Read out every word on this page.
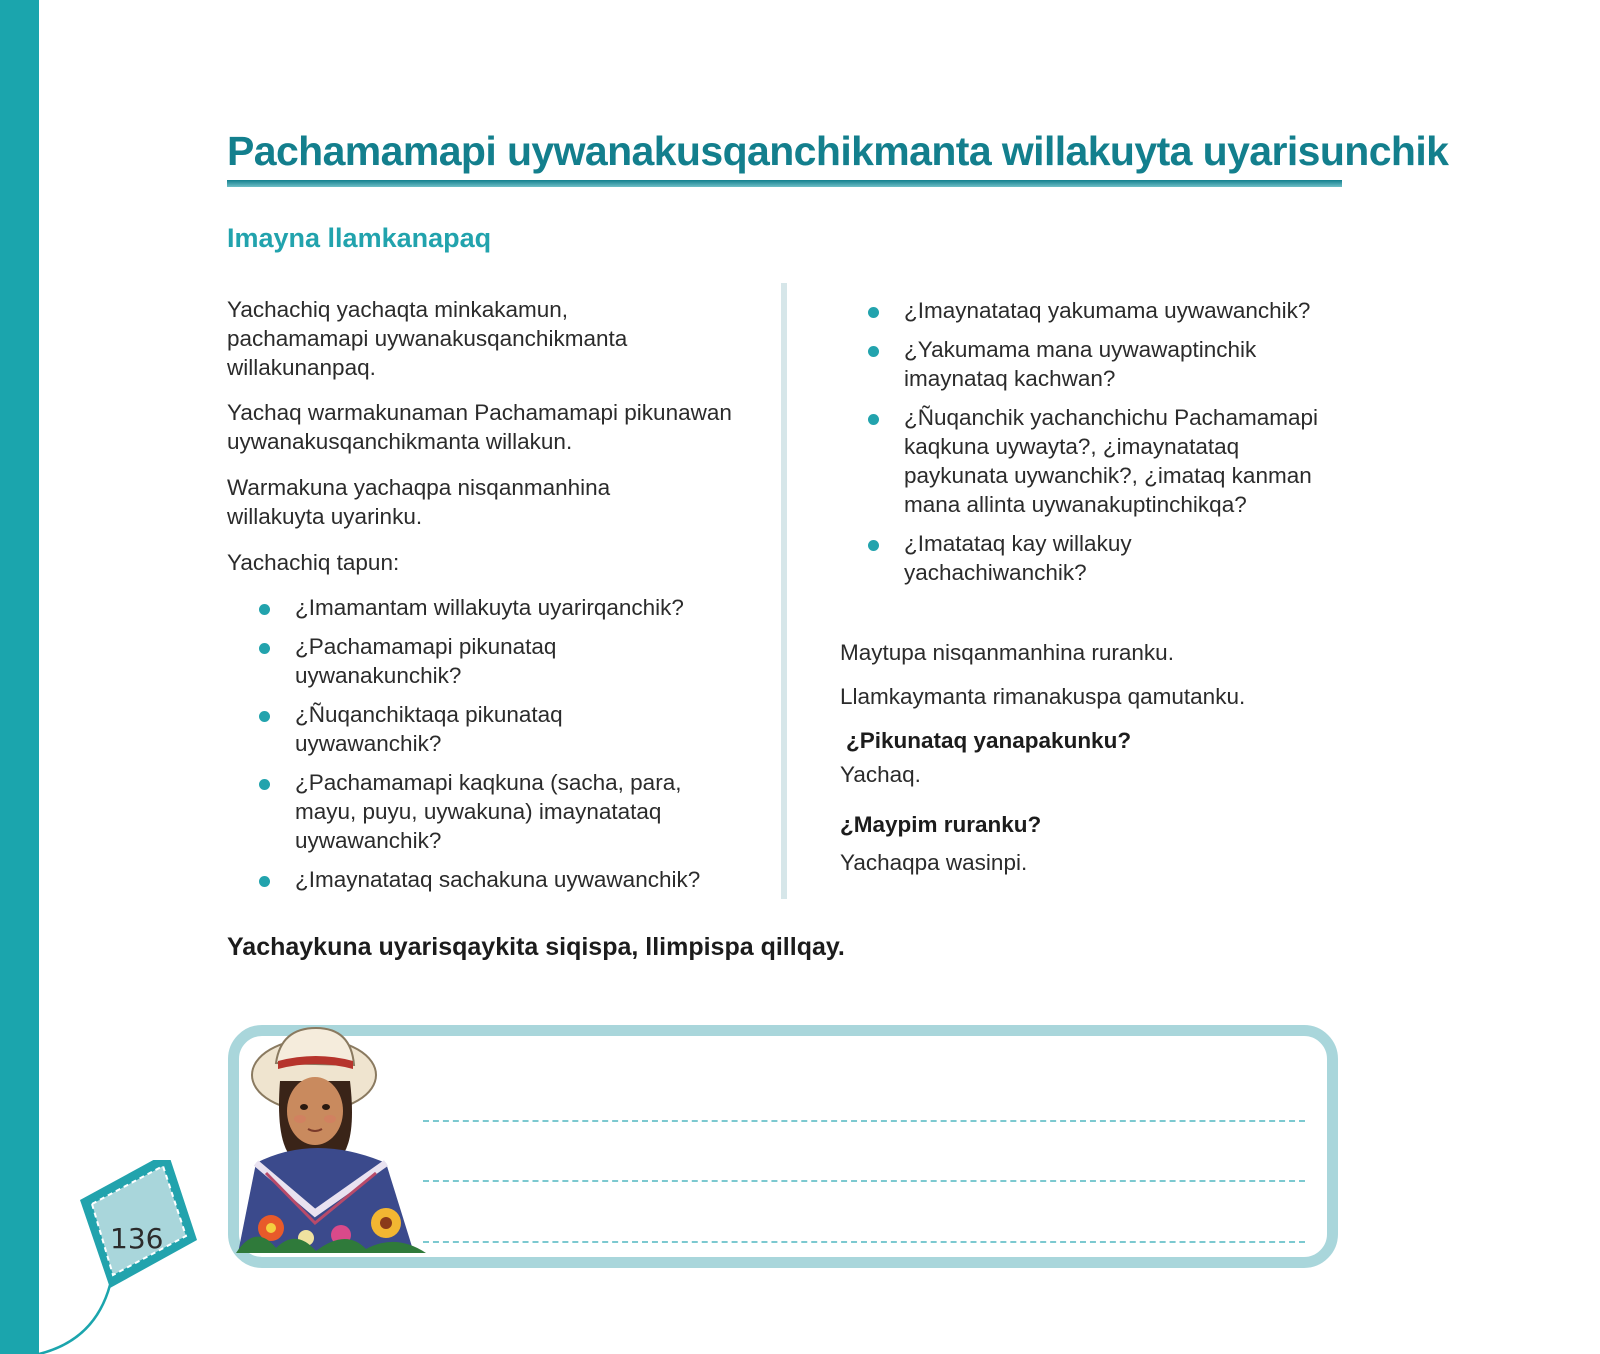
Pachamamapi uywanakusqanchikmanta willakuyta uyarisunchik
Imayna llamkanapaq

Yachachiq yachaqta minkakamun, pachamamapi uywanakusqanchikmanta willakunanpaq.

Yachaq warmakunaman Pachamamapi pikunawan uywanakusqanchikmanta willakun.

Warmakuna yachaqpa nisqanmanhina willakuyta uyarinku.

Yachachiq tapun:

¿Imamantam willakuyta uyarirqanchik?
¿Pachamamapi pikunataq uywanakunchik?
¿Ñuqanchiktaqa pikunataq uywawanchik?
¿Pachamamapi kaqkuna (sacha, para, mayu, puyu, uywakuna) imaynatataq uywawanchik?
¿Imaynatataq sachakuna uywawanchik?
¿Imaynatataq yakumama uywawanchik?
¿Yakumama mana uywawaptinchik imaynataq kachwan?
¿Ñuqanchik yachanchichu Pachamamapi kaqkuna uywayta?, ¿imaynatataq paykunata uywanchik?, ¿imataq kanman mana allinta uywanakuptinchikqa?
¿Imatataq kay willakuy yachachiwanchik?

Maytupa nisqanmanhina ruranku.

Llamkaymanta rimanakuspa qamutanku.

¿Pikunataq yanapakunku?

Yachaq.

¿Maypim ruranku?

Yachaqpa wasinpi.

Yachaykuna uyarisqaykita siqispa, llimpispa qillqay.
136
